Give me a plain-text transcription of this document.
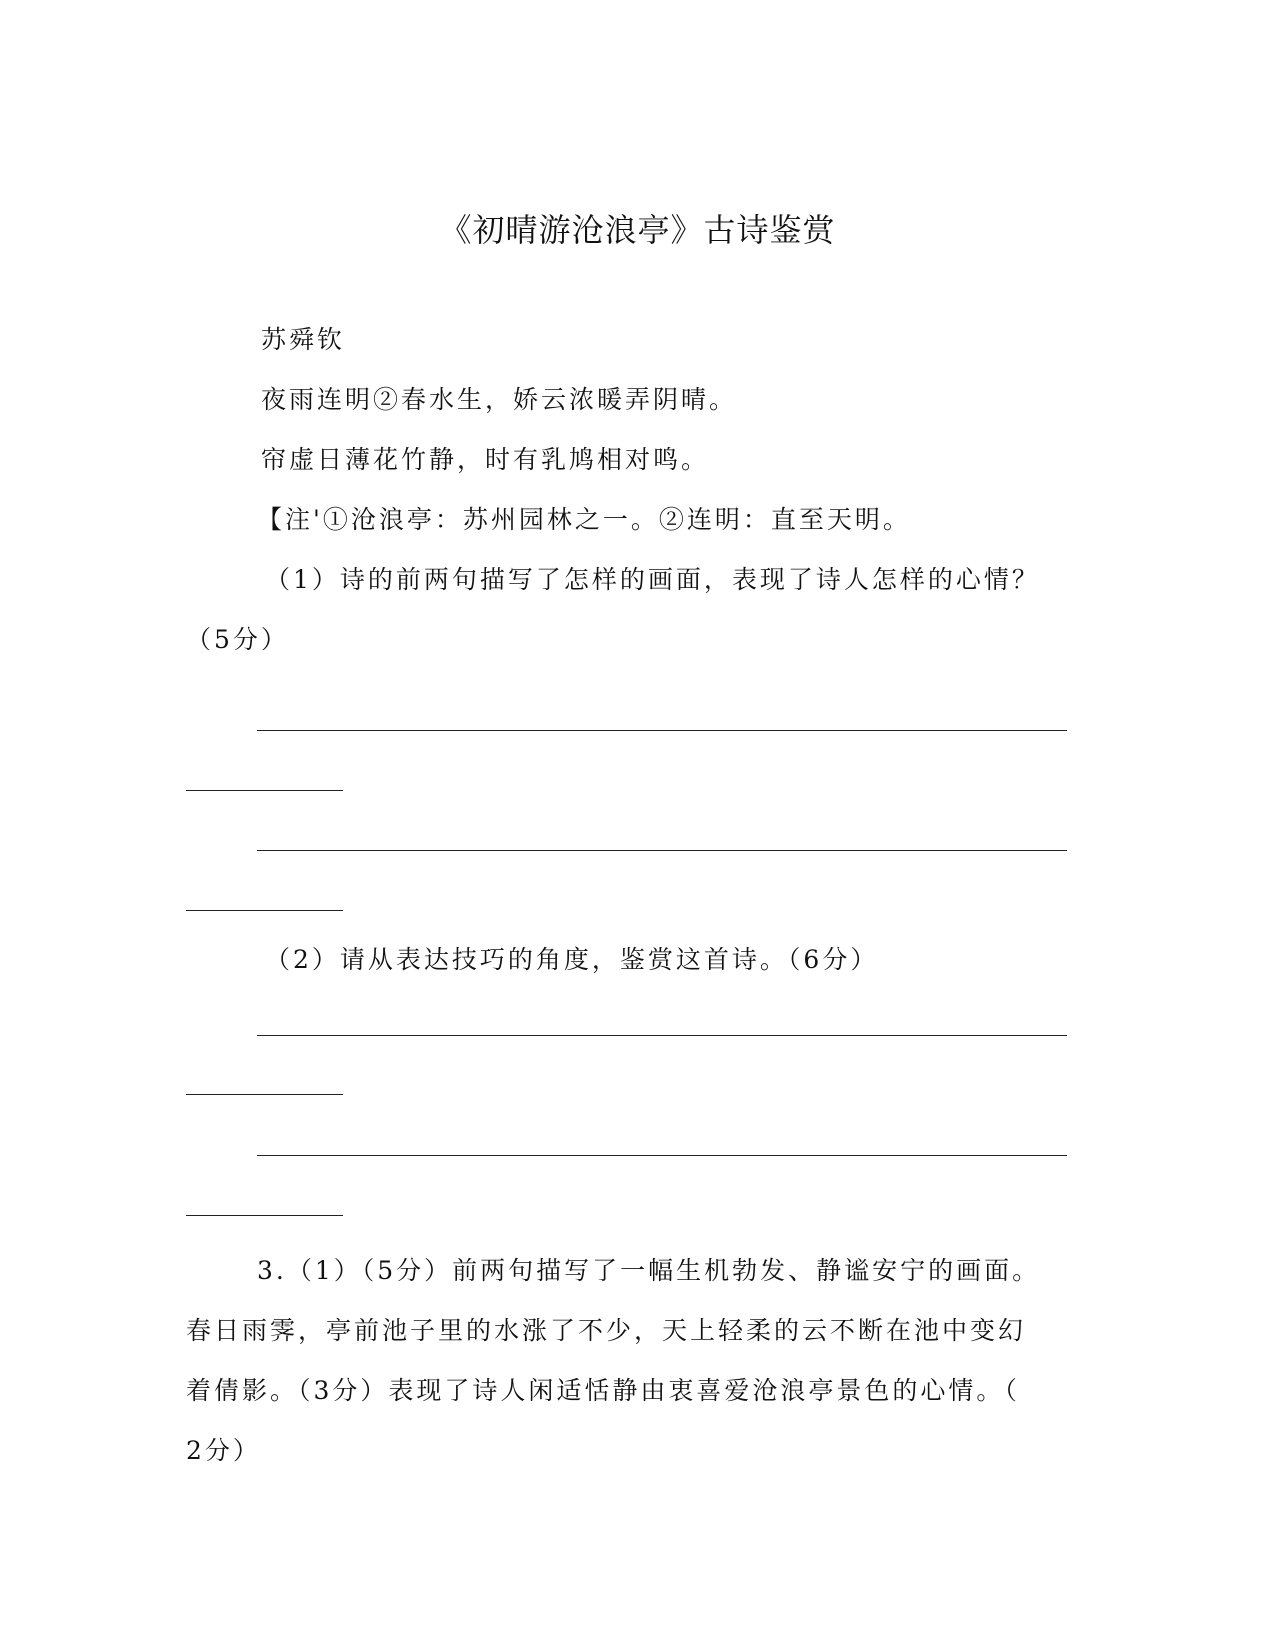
《初晴游沧浪亭》古诗鉴赏
苏舜钦
夜雨连明②春水生，娇云浓暖弄阴晴。
帘虚日薄花竹静，时有乳鸠相对鸣。
【注'①沧浪亭：苏州园林之一。②连明：直至天明。
（1）诗的前两句描写了怎样的画面，表现了诗人怎样的心情？
（5分）
（2）请从表达技巧的角度，鉴赏这首诗。（6分）
3.（1）（5分）前两句描写了一幅生机勃发、静谧安宁的画面。
春日雨霁，亭前池子里的水涨了不少，天上轻柔的云不断在池中变幻
着倩影。（3分）表现了诗人闲适恬静由衷喜爱沧浪亭景色的心情。（
2分）
